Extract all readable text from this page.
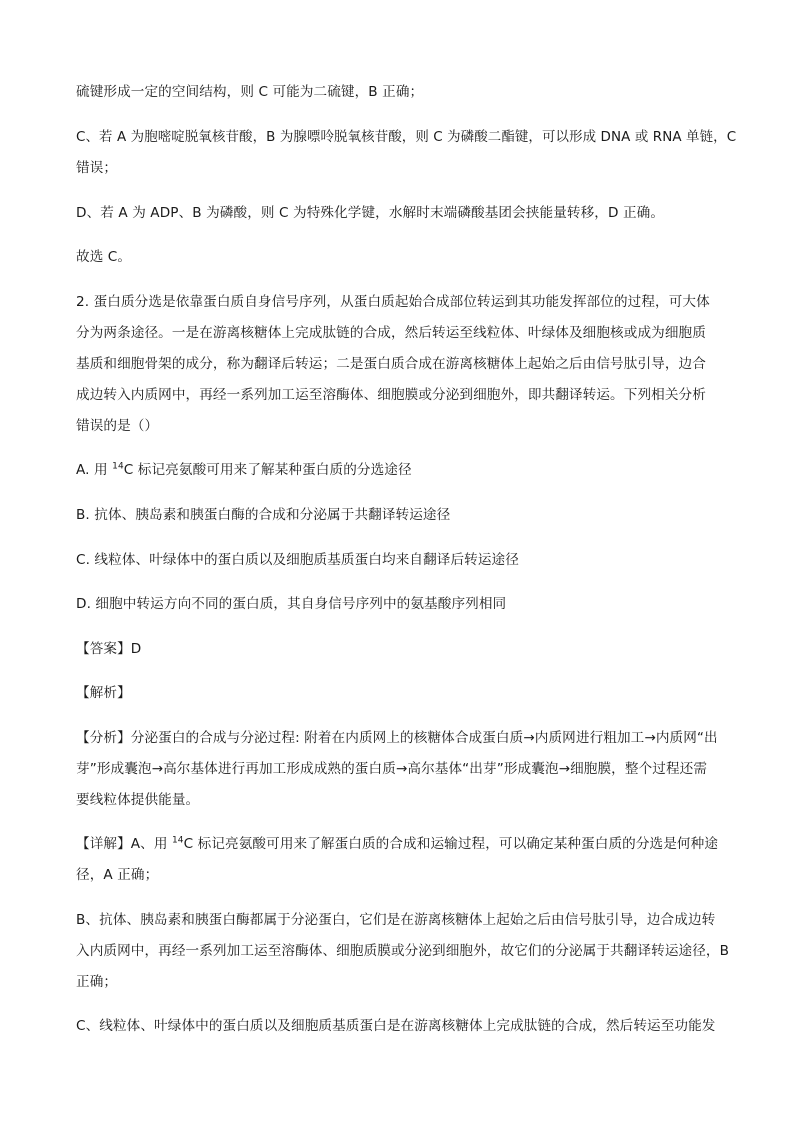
硫键形成一定的空间结构，则 C 可能为二硫键，B 正确；
C、若 A 为胞嘧啶脱氧核苷酸，B 为腺嘌呤脱氧核苷酸，则 C 为磷酸二酯键，可以形成 DNA 或 RNA 单链，C
错误；
D、若 A 为 ADP、B 为磷酸，则 C 为特殊化学键，水解时末端磷酸基团会挟能量转移，D 正确。
故选 C。
2. 蛋白质分选是依靠蛋白质自身信号序列，从蛋白质起始合成部位转运到其功能发挥部位的过程，可大体
分为两条途径。一是在游离核糖体上完成肽链的合成，然后转运至线粒体、叶绿体及细胞核或成为细胞质
基质和细胞骨架的成分，称为翻译后转运；二是蛋白质合成在游离核糖体上起始之后由信号肽引导，边合
成边转入内质网中，再经一系列加工运至溶酶体、细胞膜或分泌到细胞外，即共翻译转运。下列相关分析
错误的是（）
A. 用 $^{14}$C 标记亮氨酸可用来了解某种蛋白质的分选途径
B. 抗体、胰岛素和胰蛋白酶的合成和分泌属于共翻译转运途径
C. 线粒体、叶绿体中的蛋白质以及细胞质基质蛋白均来自翻译后转运途径
D. 细胞中转运方向不同的蛋白质，其自身信号序列中的氨基酸序列相同
【答案】D
【解析】
【分析】分泌蛋白的合成与分泌过程: 附着在内质网上的核糖体合成蛋白质→内质网进行粗加工→内质网“出
芽”形成囊泡→高尔基体进行再加工形成成熟的蛋白质→高尔基体“出芽”形成囊泡→细胞膜，整个过程还需
要线粒体提供能量。
【详解】A、用 $^{14}$C 标记亮氨酸可用来了解蛋白质的合成和运输过程，可以确定某种蛋白质的分选是何种途
径，A 正确；
B、抗体、胰岛素和胰蛋白酶都属于分泌蛋白，它们是在游离核糖体上起始之后由信号肽引导，边合成边转
入内质网中，再经一系列加工运至溶酶体、细胞质膜或分泌到细胞外，故它们的分泌属于共翻译转运途径，B
正确；
C、线粒体、叶绿体中的蛋白质以及细胞质基质蛋白是在游离核糖体上完成肽链的合成，然后转运至功能发
